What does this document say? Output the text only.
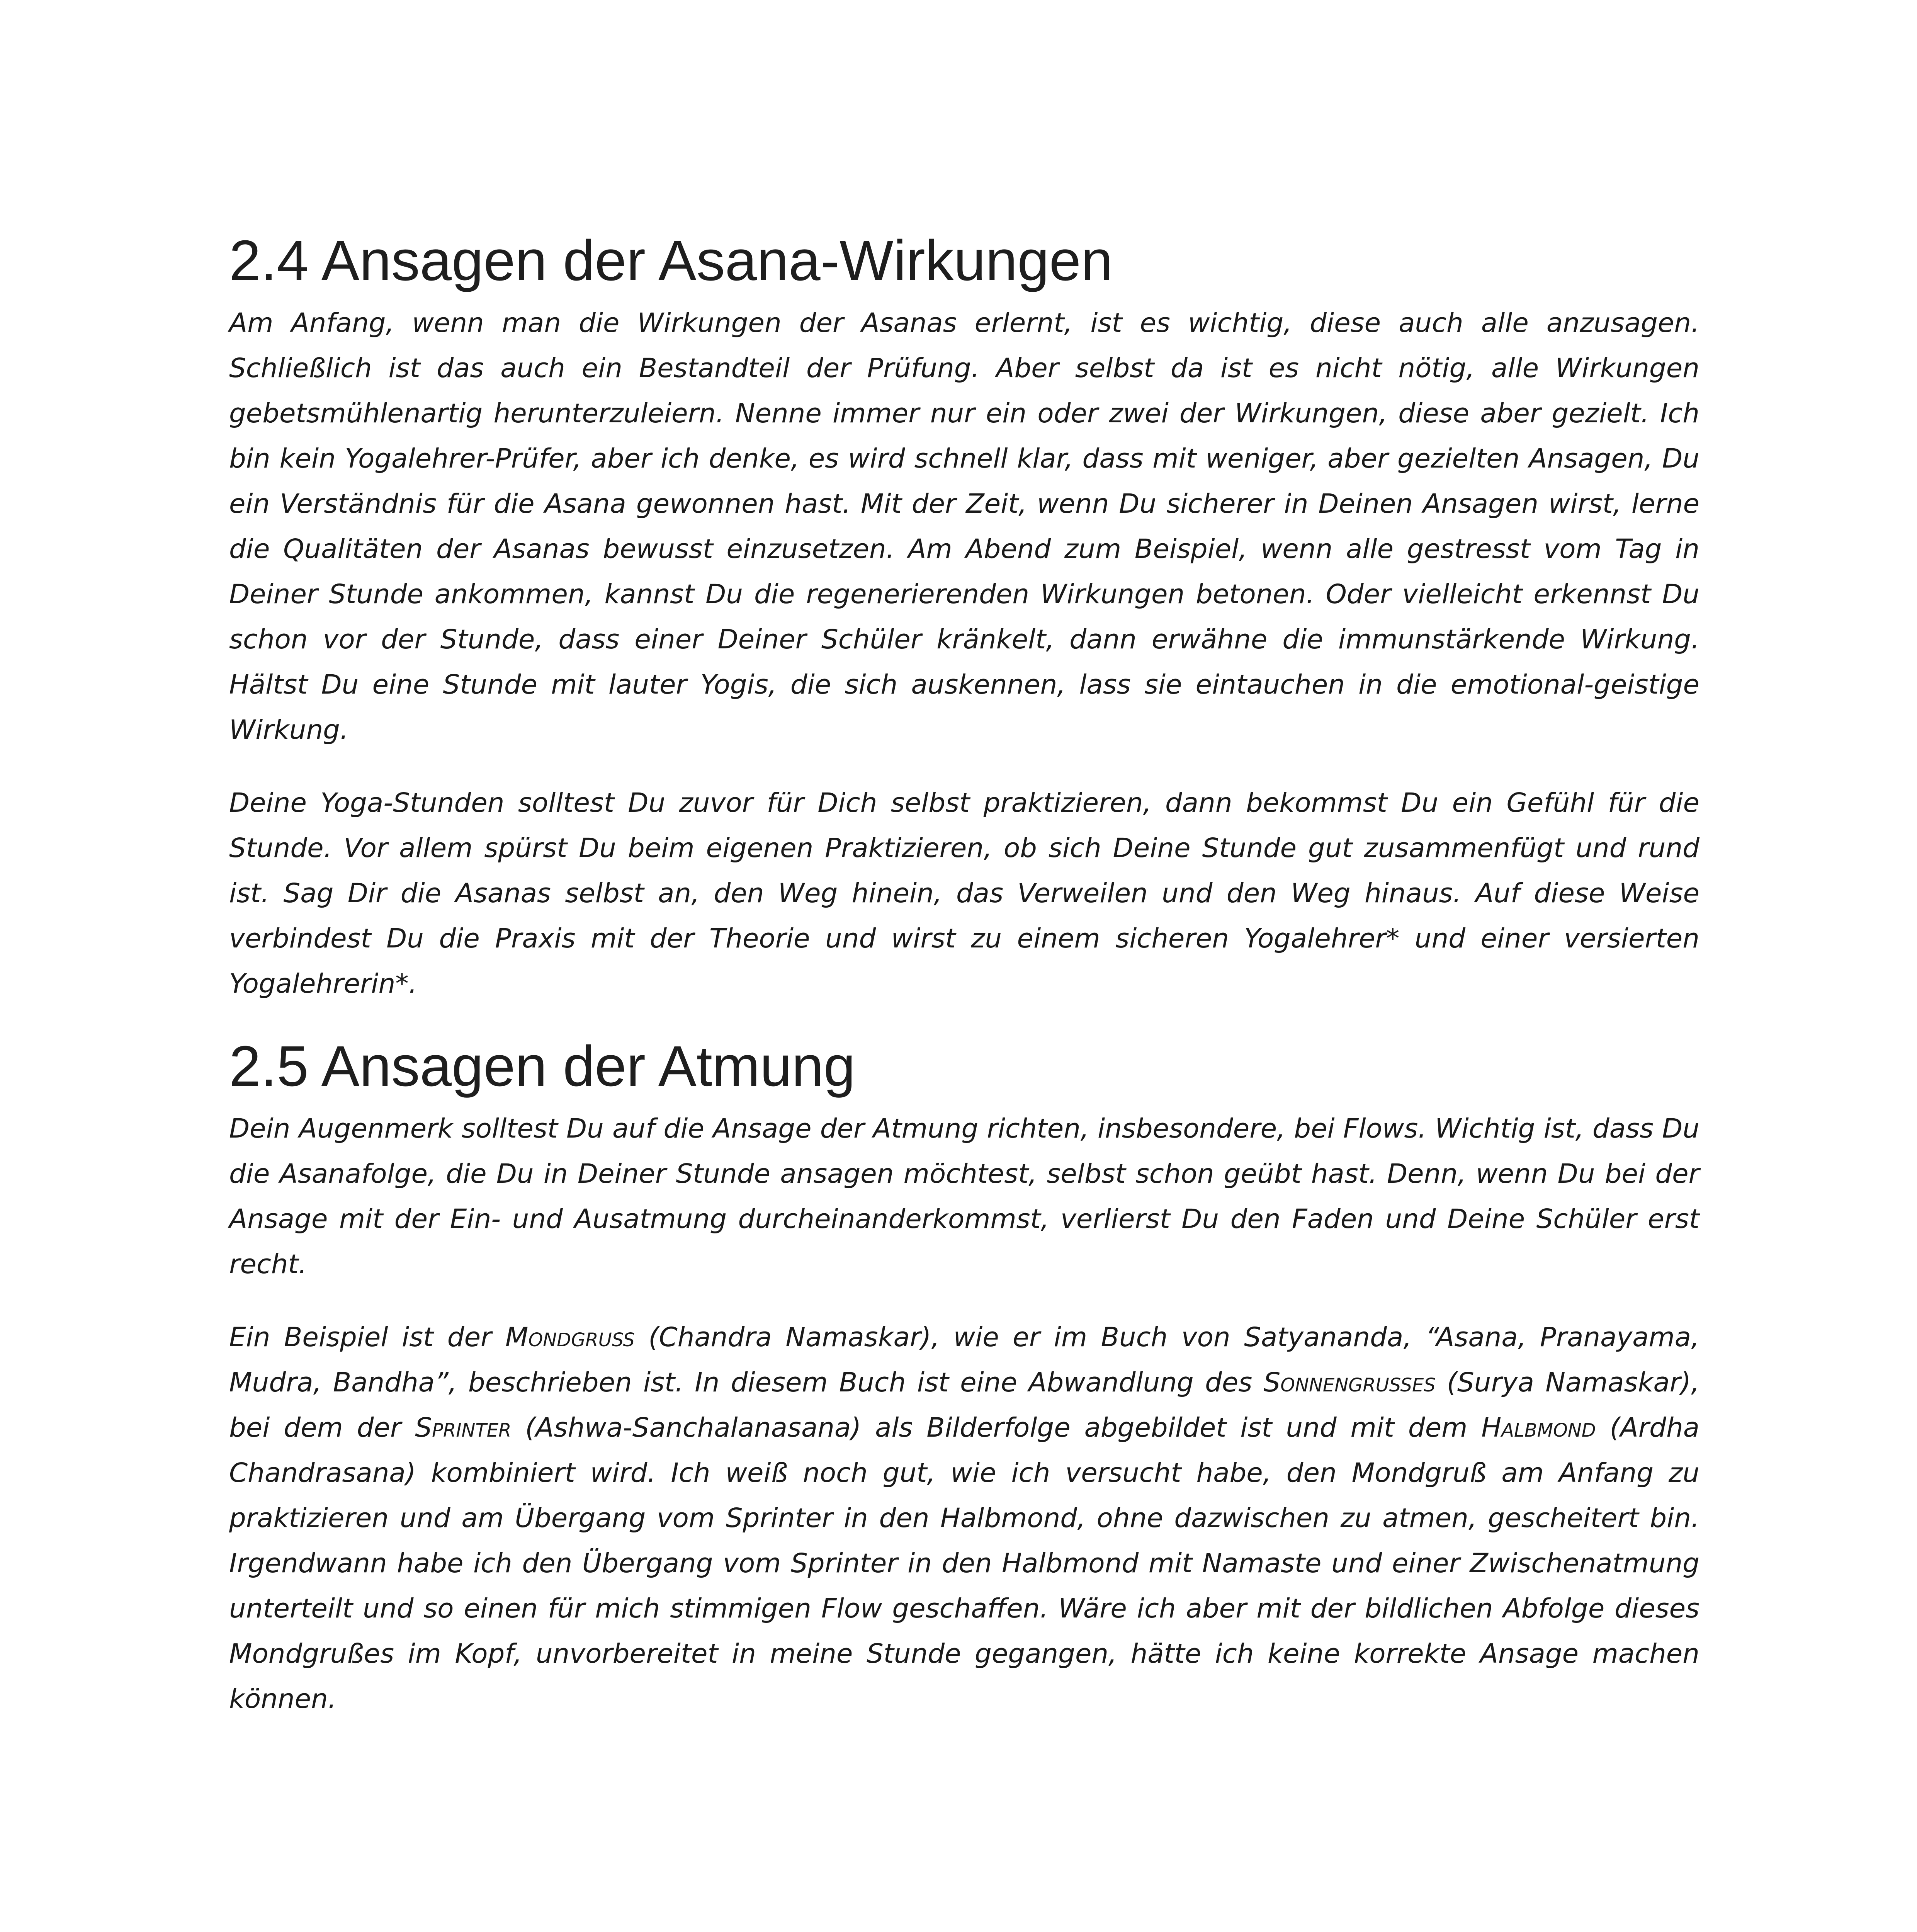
2.4 Ansagen der Asana-Wirkungen

Am Anfang, wenn man die Wirkungen der Asanas erlernt, ist es wichtig, diese auch alle anzusagen. Schließlich ist das auch ein Bestandteil der Prüfung. Aber selbst da ist es nicht nötig, alle Wirkungen gebetsmühlenartig herunterzuleiern. Nenne immer nur ein oder zwei der Wirkungen, diese aber gezielt. Ich bin kein Yogalehrer-Prüfer, aber ich denke, es wird schnell klar, dass mit weniger, aber gezielten Ansagen, Du ein Verständnis für die Asana gewonnen hast. Mit der Zeit, wenn Du sicherer in Deinen Ansagen wirst, lerne die Qualitäten der Asanas bewusst einzusetzen. Am Abend zum Beispiel, wenn alle gestresst vom Tag in Deiner Stunde ankommen, kannst Du die regenerierenden Wirkungen betonen. Oder vielleicht erkennst Du schon vor der Stunde, dass einer Deiner Schüler kränkelt, dann erwähne die immunstärkende Wirkung. Hältst Du eine Stunde mit lauter Yogis, die sich auskennen, lass sie eintauchen in die emotional-geistige Wirkung.

Deine Yoga-Stunden solltest Du zuvor für Dich selbst praktizieren, dann bekommst Du ein Gefühl für die Stunde. Vor allem spürst Du beim eigenen Praktizieren, ob sich Deine Stunde gut zusammenfügt und rund ist. Sag Dir die Asanas selbst an, den Weg hinein, das Verweilen und den Weg hinaus. Auf diese Weise verbindest Du die Praxis mit der Theorie und wirst zu einem sicheren Yogalehrer* und einer versierten Yogalehrerin*.

2.5 Ansagen der Atmung

Dein Augenmerk solltest Du auf die Ansage der Atmung richten, insbesondere, bei Flows. Wichtig ist, dass Du die Asanafolge, die Du in Deiner Stunde ansagen möchtest, selbst schon geübt hast. Denn, wenn Du bei der Ansage mit der Ein- und Ausatmung durcheinanderkommst, verlierst Du den Faden und Deine Schüler erst recht.

Ein Beispiel ist der Mondgruß (Chandra Namaskar), wie er im Buch von Satyananda, “Asana, Pranayama, Mudra, Bandha”, beschrieben ist. In diesem Buch ist eine Abwandlung des Sonnengrußes (Surya Namaskar), bei dem der Sprinter (Ashwa-Sanchalanasana) als Bilderfolge abgebildet ist und mit dem Halbmond (Ardha Chandrasana) kombiniert wird. Ich weiß noch gut, wie ich versucht habe, den Mondgruß am Anfang zu praktizieren und am Übergang vom Sprinter in den Halbmond, ohne dazwischen zu atmen, gescheitert bin. Irgendwann habe ich den Übergang vom Sprinter in den Halbmond mit Namaste und einer Zwischenatmung unterteilt und so einen für mich stimmigen Flow geschaffen. Wäre ich aber mit der bildlichen Abfolge dieses Mondgrußes im Kopf, unvorbereitet in meine Stunde gegangen, hätte ich keine korrekte Ansage machen können.
